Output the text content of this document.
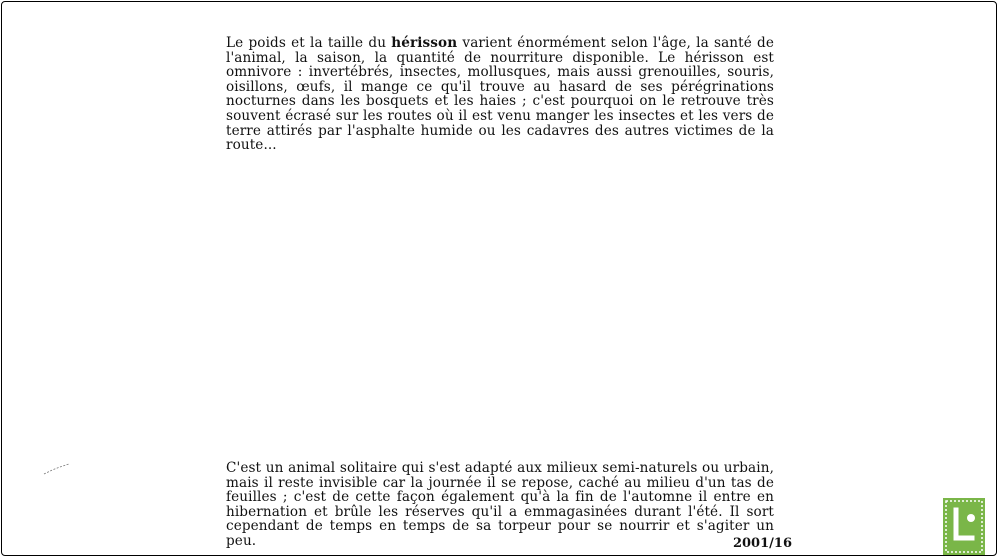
Le poids et la taille du hérisson varient énormément selon l'âge, la santé de l'animal, la saison, la quantité de nourriture disponible. Le hérisson est omnivore : invertébrés, insectes, mollusques, mais aussi grenouilles, souris, oisillons, œufs, il mange ce qu'il trouve au hasard de ses pérégrinations nocturnes dans les bosquets et les haies ; c'est pourquoi on le retrouve très souvent écrasé sur les routes où il est venu manger les insectes et les vers de terre attirés par l'asphalte humide ou les cadavres des autres victimes de la route...

C'est un animal solitaire qui s'est adapté aux milieux semi-naturels ou urbain, mais il reste invisible car la journée il se repose, caché au milieu d'un tas de feuilles ; c'est de cette façon également qu'à la fin de l'automne il entre en hibernation et brûle les réserves qu'il a emmagasinées durant l'été. Il sort cependant de temps en temps de sa torpeur pour se nourrir et s'agiter un peu.	2001/16
